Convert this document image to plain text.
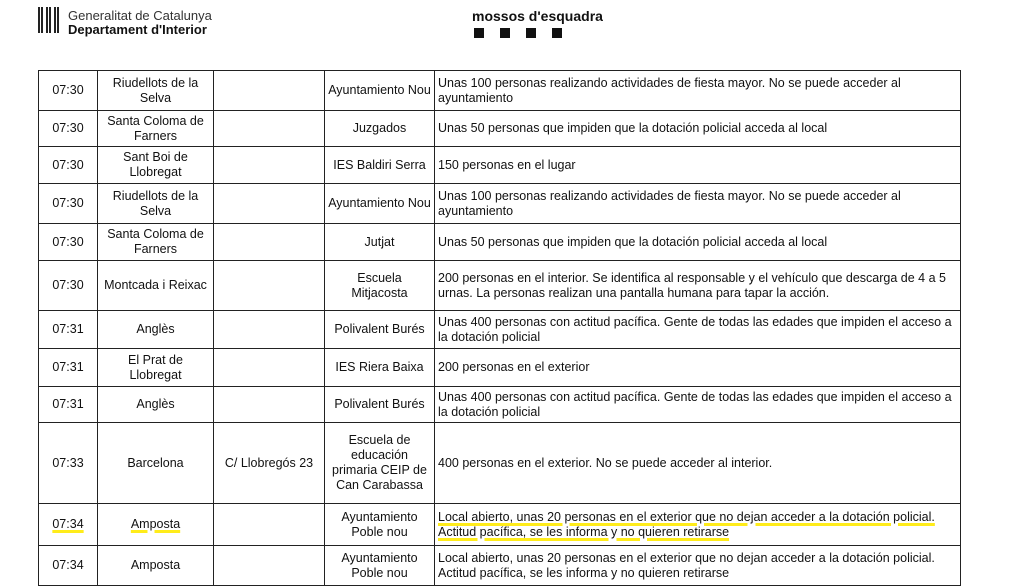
Generalitat de Catalunya
Departament d'Interior
mossos d'esquadra
07:30	Riudellots de la Selva		Ayuntamiento Nou	Unas 100 personas realizando actividades de fiesta mayor. No se puede acceder al ayuntamiento
07:30	Santa Coloma de Farners		Juzgados	Unas 50 personas que impiden que la dotación policial acceda al local
07:30	Sant Boi de Llobregat		IES Baldiri Serra	150 personas en el lugar
07:30	Riudellots de la Selva		Ayuntamiento Nou	Unas 100 personas realizando actividades de fiesta mayor. No se puede acceder al ayuntamiento
07:30	Santa Coloma de Farners		Jutjat	Unas 50 personas que impiden que la dotación policial acceda al local
07:30	Montcada i Reixac		Escuela Mitjacosta	200 personas en el interior. Se identifica al responsable y el vehículo que descarga de 4 a 5 urnas. La personas realizan una pantalla humana para tapar la acción.
07:31	Anglès		Polivalent Burés	Unas 400 personas con actitud pacífica. Gente de todas las edades que impiden el acceso a la dotación policial
07:31	El Prat de Llobregat		IES Riera Baixa	200 personas en el exterior
07:31	Anglès		Polivalent Burés	Unas 400 personas con actitud pacífica. Gente de todas las edades que impiden el acceso a la dotación policial
07:33	Barcelona	C/ Llobregós 23	Escuela de educación primaria CEIP de Can Carabassa	400 personas en el exterior. No se puede acceder al interior.
07:34	Amposta		Ayuntamiento Poble nou	Local abierto, unas 20 personas en el exterior que no dejan acceder a la dotación policial. Actitud pacífica, se les informa y no quieren retirarse
07:34	Amposta		Ayuntamiento Poble nou	Local abierto, unas 20 personas en el exterior que no dejan acceder a la dotación policial. Actitud pacífica, se les informa y no quieren retirarse
